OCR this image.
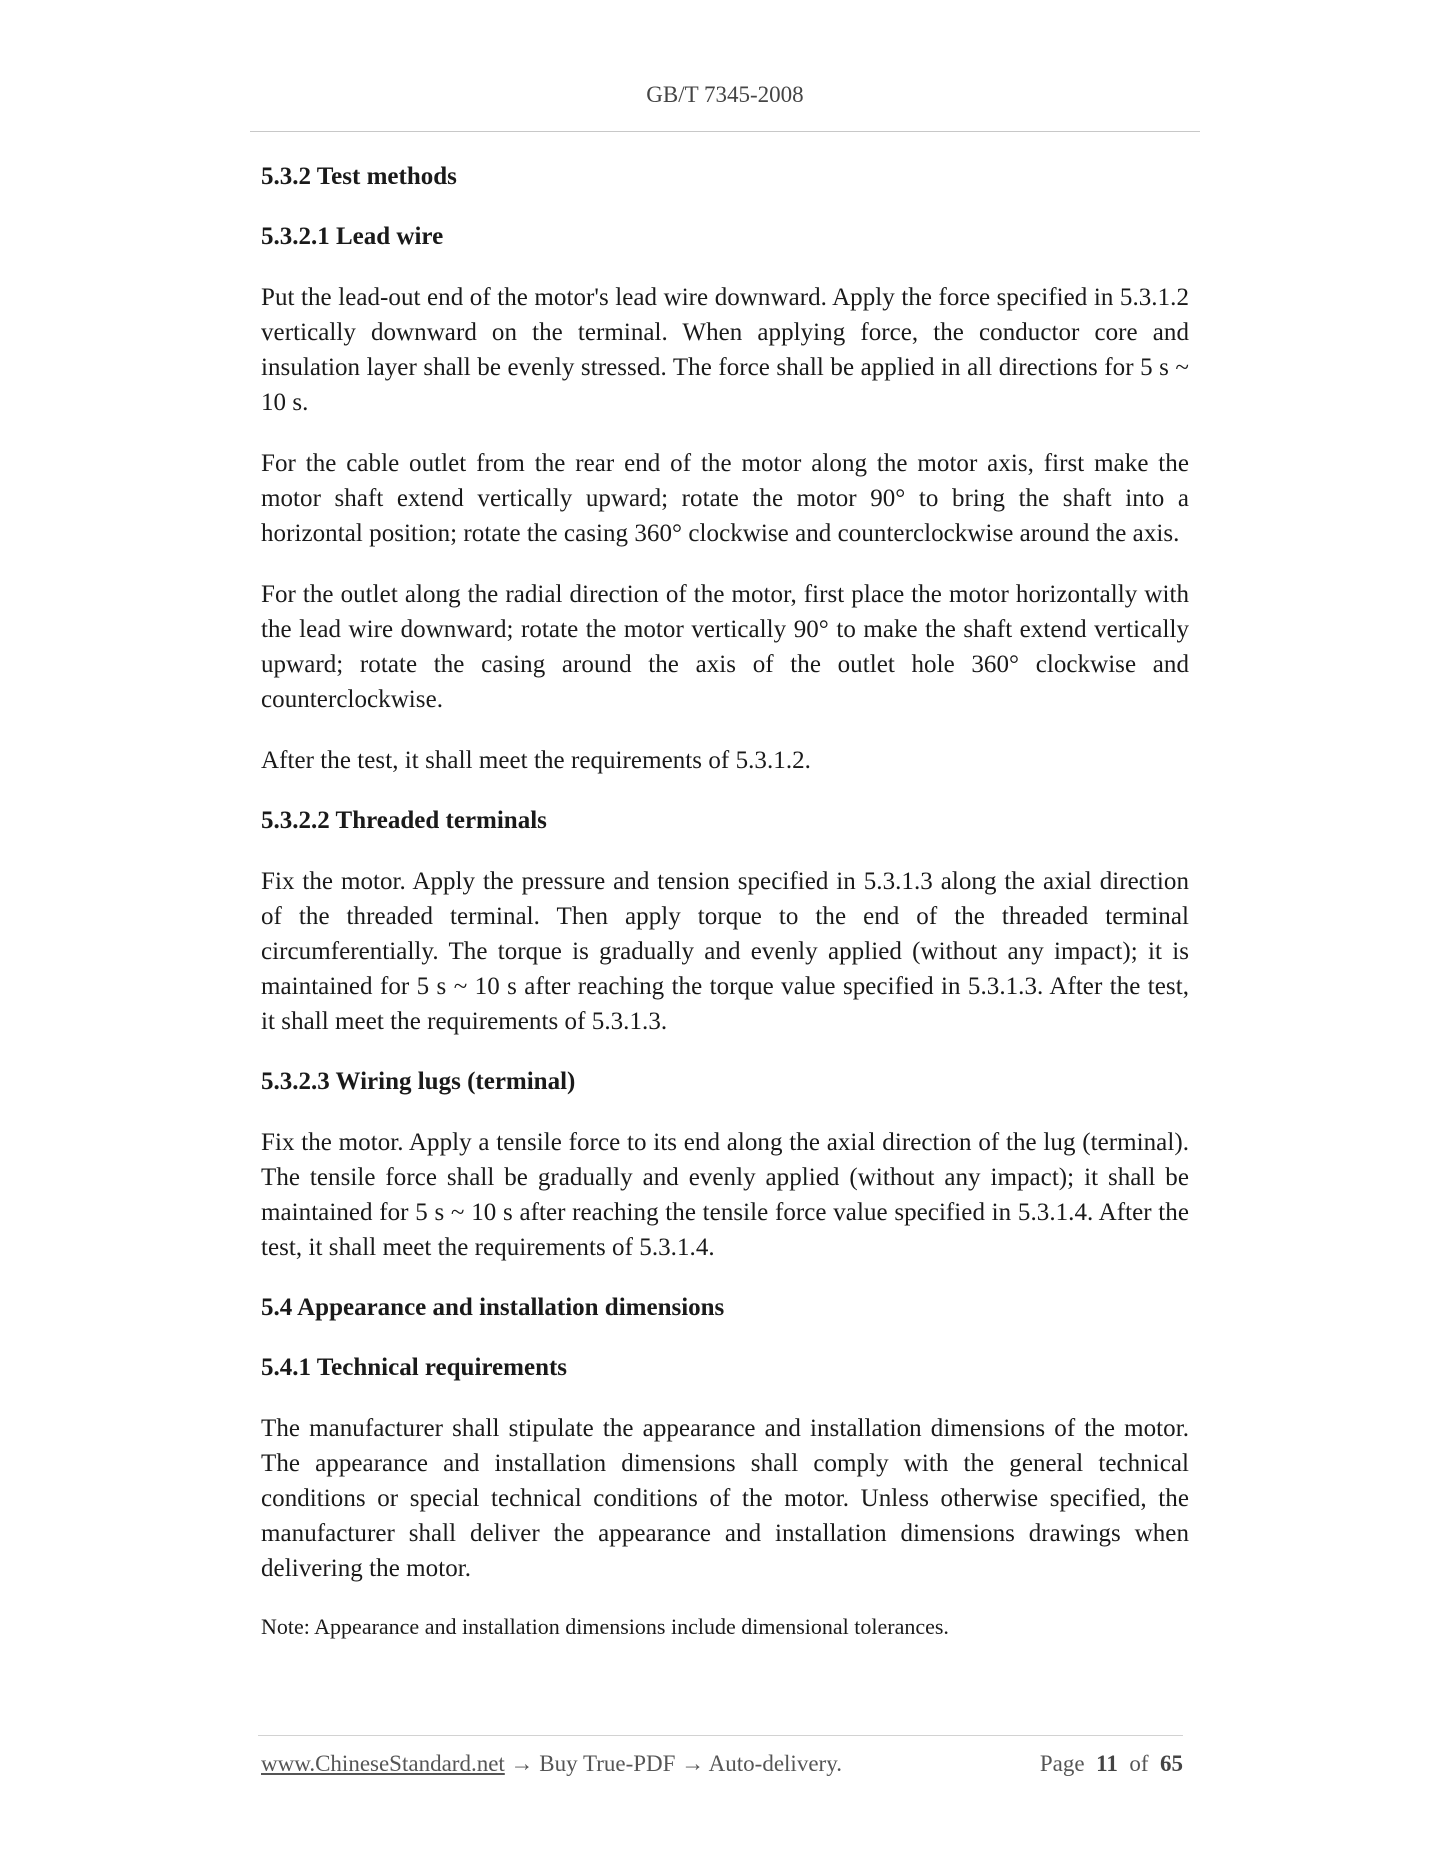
GB/T 7345-2008
5.3.2 Test methods
5.3.2.1 Lead wire
Put the lead-out end of the motor's lead wire downward. Apply the force specified in 5.3.1.2 vertically downward on the terminal. When applying force, the conductor core and insulation layer shall be evenly stressed. The force shall be applied in all directions for 5 s ~ 10 s.
For the cable outlet from the rear end of the motor along the motor axis, first make the motor shaft extend vertically upward; rotate the motor 90° to bring the shaft into a horizontal position; rotate the casing 360° clockwise and counterclockwise around the axis.
For the outlet along the radial direction of the motor, first place the motor horizontally with the lead wire downward; rotate the motor vertically 90° to make the shaft extend vertically upward; rotate the casing around the axis of the outlet hole 360° clockwise and counterclockwise.
After the test, it shall meet the requirements of 5.3.1.2.
5.3.2.2 Threaded terminals
Fix the motor. Apply the pressure and tension specified in 5.3.1.3 along the axial direction of the threaded terminal. Then apply torque to the end of the threaded terminal circumferentially. The torque is gradually and evenly applied (without any impact); it is maintained for 5 s ~ 10 s after reaching the torque value specified in 5.3.1.3. After the test, it shall meet the requirements of 5.3.1.3.
5.3.2.3 Wiring lugs (terminal)
Fix the motor. Apply a tensile force to its end along the axial direction of the lug (terminal). The tensile force shall be gradually and evenly applied (without any impact); it shall be maintained for 5 s ~ 10 s after reaching the tensile force value specified in 5.3.1.4. After the test, it shall meet the requirements of 5.3.1.4.
5.4 Appearance and installation dimensions
5.4.1 Technical requirements
The manufacturer shall stipulate the appearance and installation dimensions of the motor. The appearance and installation dimensions shall comply with the general technical conditions or special technical conditions of the motor. Unless otherwise specified, the manufacturer shall deliver the appearance and installation dimensions drawings when delivering the motor.
Note: Appearance and installation dimensions include dimensional tolerances.
www.ChineseStandard.net → Buy True-PDF → Auto-delivery.	Page 11 of 65
